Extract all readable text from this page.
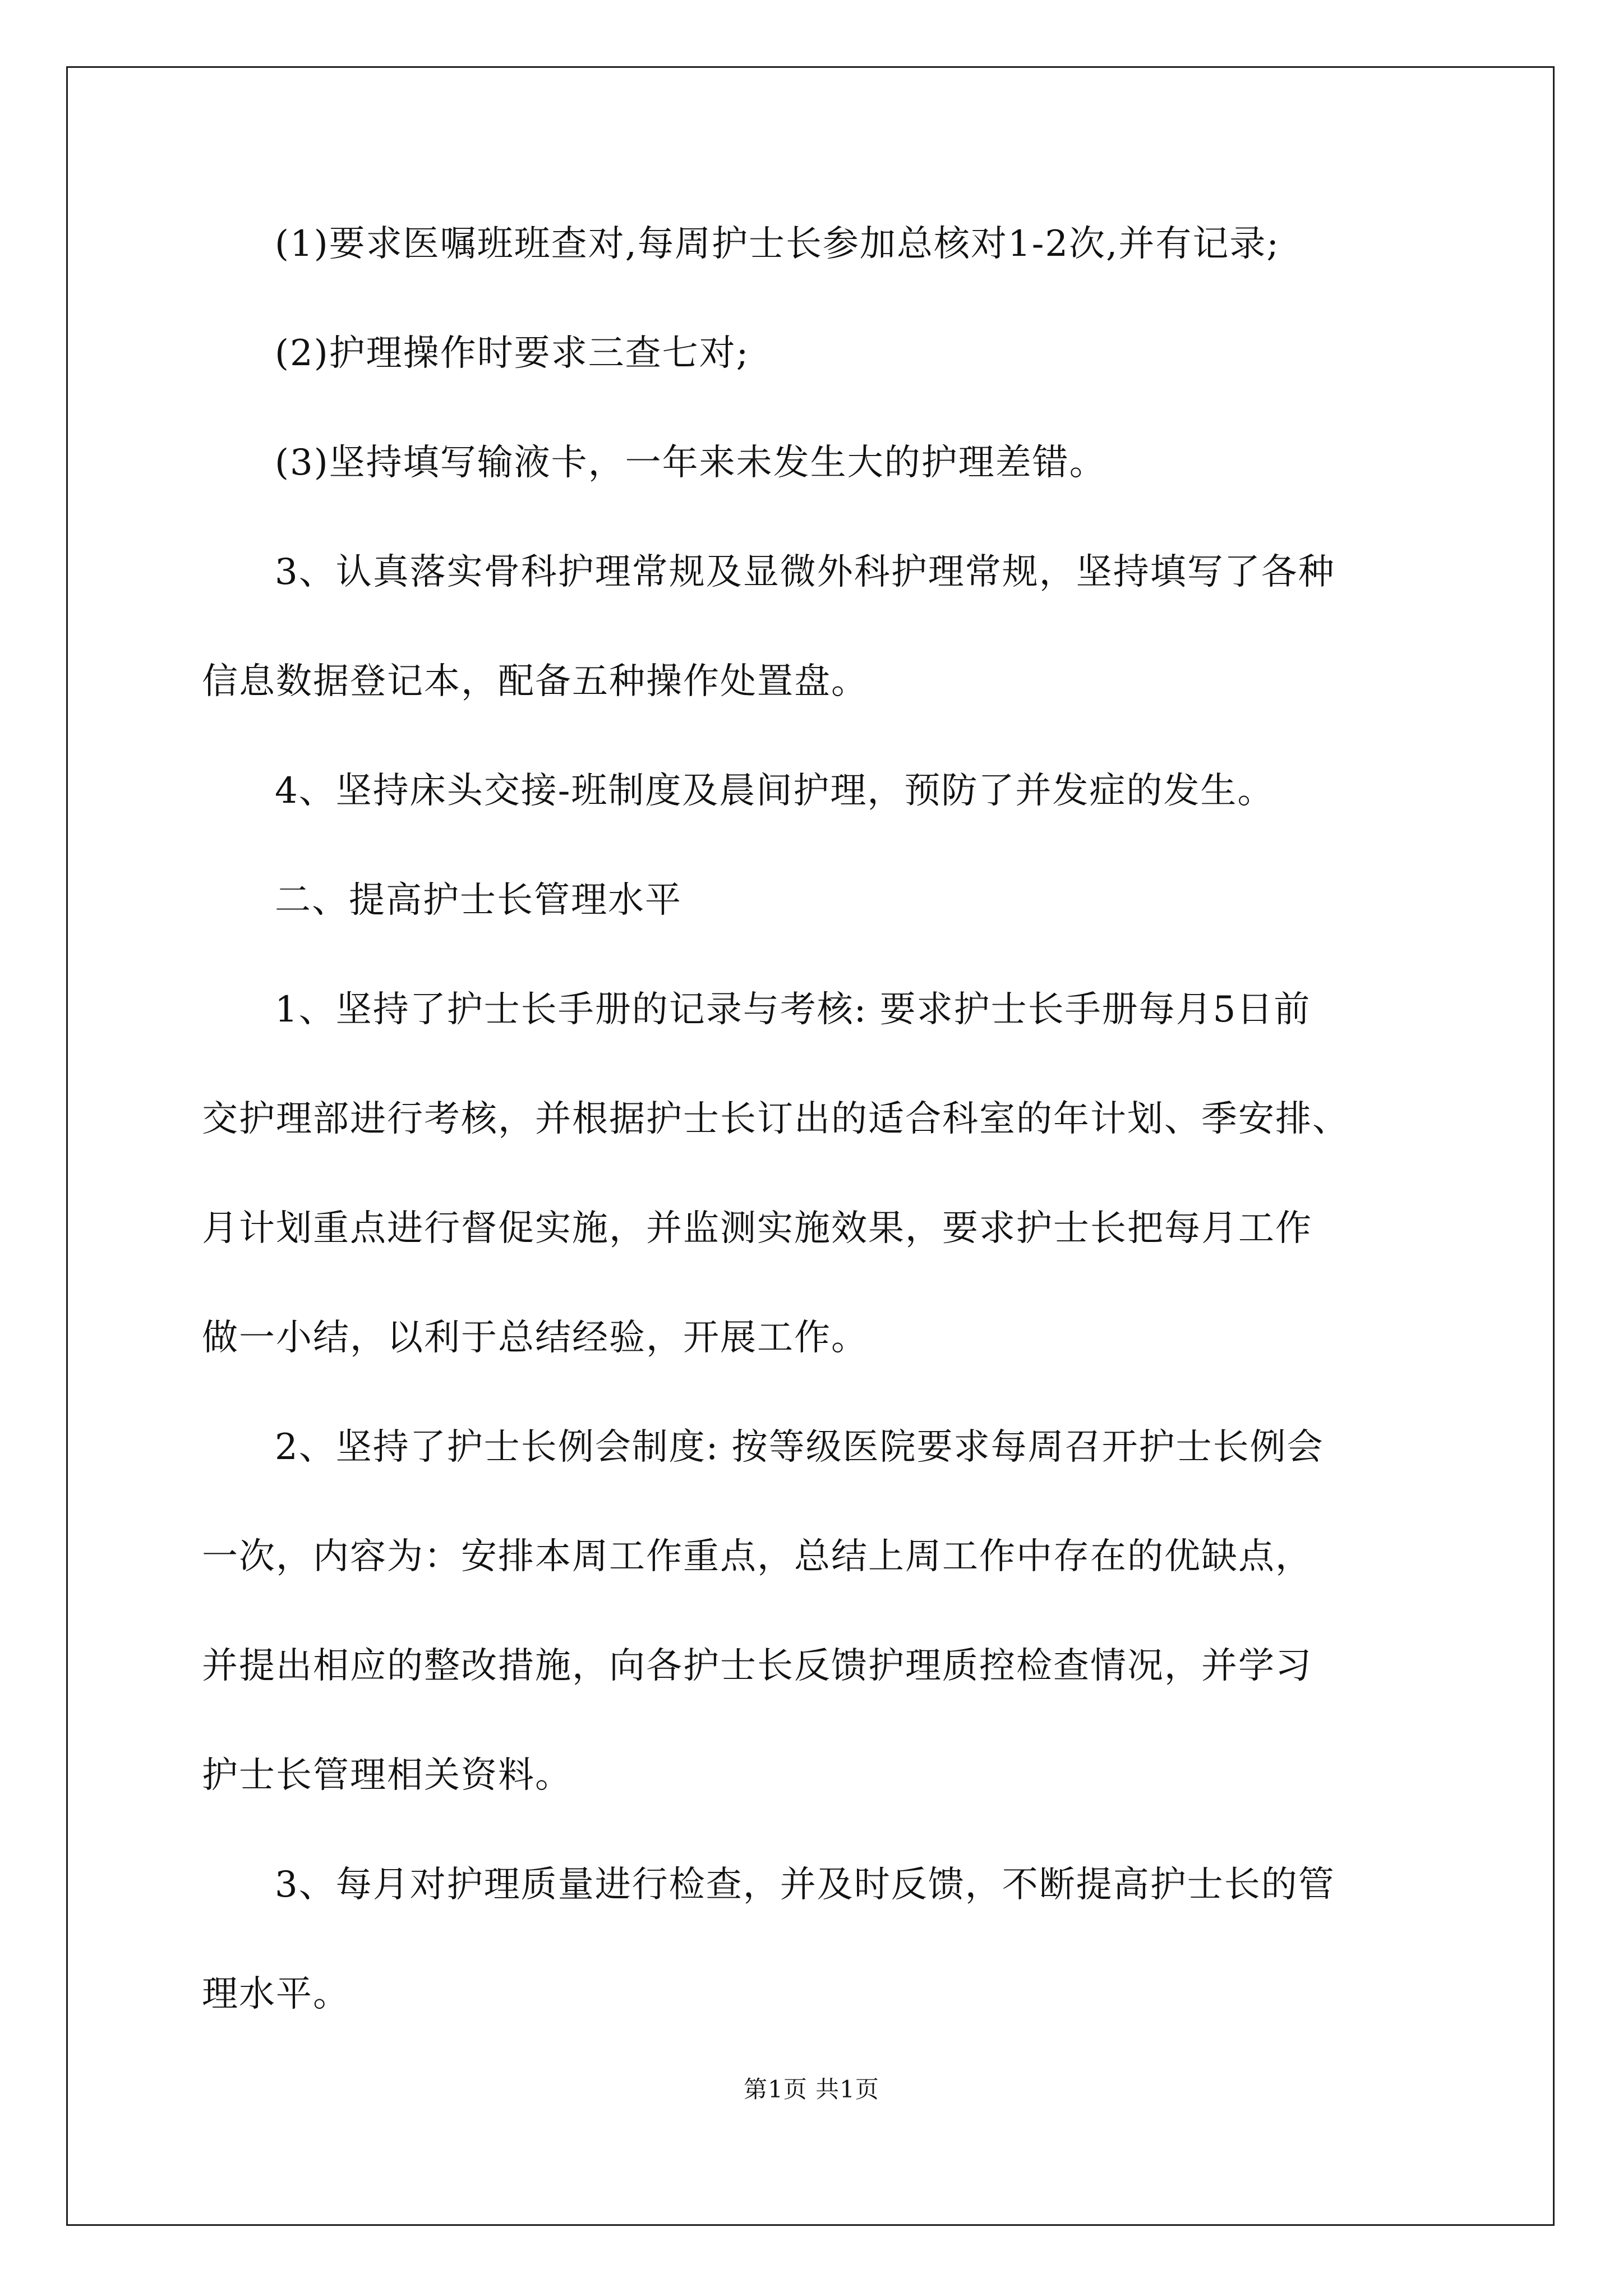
(1)要求医嘱班班查对,每周护士长参加总核对1-2次,并有记录;

(2)护理操作时要求三查七对;

(3)坚持填写输液卡，一年来未发生大的护理差错。

3、认真落实骨科护理常规及显微外科护理常规，坚持填写了各种

信息数据登记本，配备五种操作处置盘。

4、坚持床头交接-班制度及晨间护理，预防了并发症的发生。

二、提高护士长管理水平

1、坚持了护士长手册的记录与考核: 要求护士长手册每月5日前

交护理部进行考核，并根据护士长订出的适合科室的年计划、季安排、

月计划重点进行督促实施，并监测实施效果，要求护士长把每月工作

做一小结，以利于总结经验，开展工作。

2、坚持了护士长例会制度: 按等级医院要求每周召开护士长例会

一次，内容为：安排本周工作重点，总结上周工作中存在的优缺点，

并提出相应的整改措施，向各护士长反馈护理质控检查情况，并学习

护士长管理相关资料。

3、每月对护理质量进行检查，并及时反馈，不断提高护士长的管

理水平。

第1页 共1页
